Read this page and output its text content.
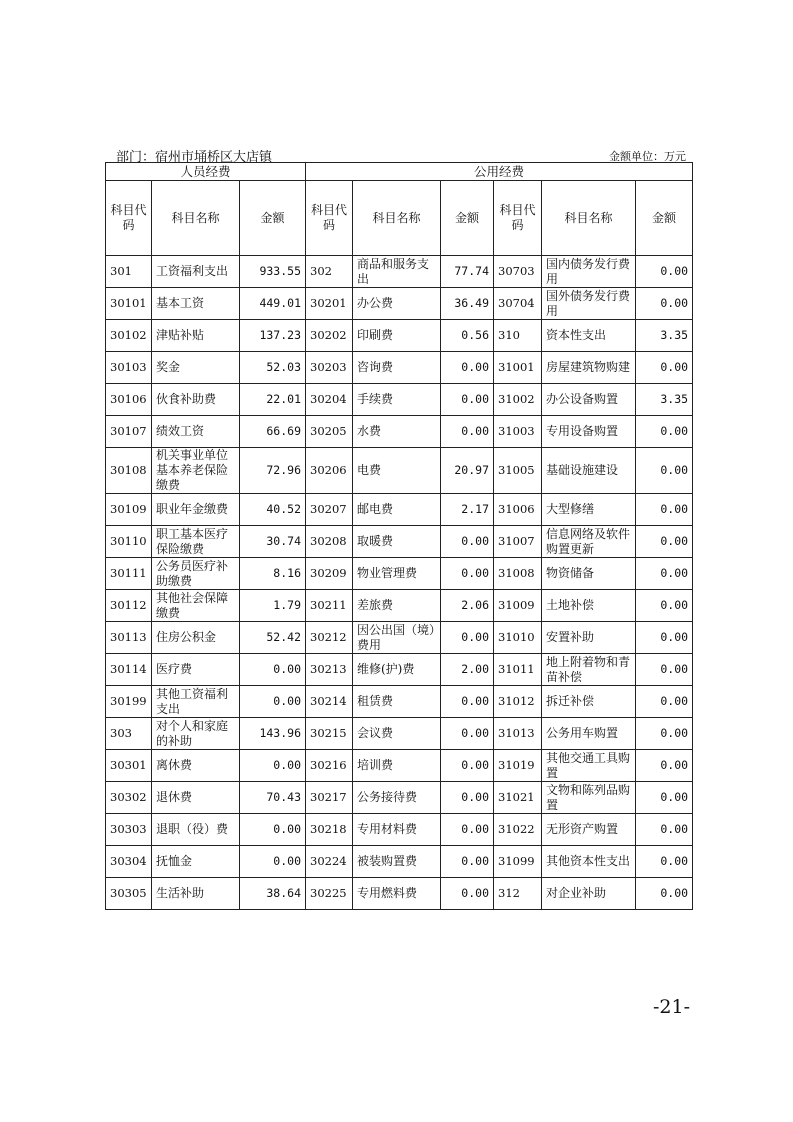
部门：宿州市埇桥区大店镇	金额单位：万元
人员经费			公用经费					
科目代码	科目名称	金额	科目代码	科目名称	金额	科目代码	科目名称	金额
301	工资福利支出	933.55	302	商品和服务支出	77.74	30703	国内债务发行费用	0.00
30101	基本工资	449.01	30201	办公费	36.49	30704	国外债务发行费用	0.00
30102	津贴补贴	137.23	30202	印刷费	0.56	310	资本性支出	3.35
30103	奖金	52.03	30203	咨询费	0.00	31001	房屋建筑物购建	0.00
30106	伙食补助费	22.01	30204	手续费	0.00	31002	办公设备购置	3.35
30107	绩效工资	66.69	30205	水费	0.00	31003	专用设备购置	0.00
30108	机关事业单位基本养老保险缴费	72.96	30206	电费	20.97	31005	基础设施建设	0.00
30109	职业年金缴费	40.52	30207	邮电费	2.17	31006	大型修缮	0.00
30110	职工基本医疗保险缴费	30.74	30208	取暖费	0.00	31007	信息网络及软件购置更新	0.00
30111	公务员医疗补助缴费	8.16	30209	物业管理费	0.00	31008	物资储备	0.00
30112	其他社会保障缴费	1.79	30211	差旅费	2.06	31009	土地补偿	0.00
30113	住房公积金	52.42	30212	因公出国（境）费用	0.00	31010	安置补助	0.00
30114	医疗费	0.00	30213	维修(护)费	2.00	31011	地上附着物和青苗补偿	0.00
30199	其他工资福利支出	0.00	30214	租赁费	0.00	31012	拆迁补偿	0.00
303	对个人和家庭的补助	143.96	30215	会议费	0.00	31013	公务用车购置	0.00
30301	离休费	0.00	30216	培训费	0.00	31019	其他交通工具购置	0.00
30302	退休费	70.43	30217	公务接待费	0.00	31021	文物和陈列品购置	0.00
30303	退职（役）费	0.00	30218	专用材料费	0.00	31022	无形资产购置	0.00
30304	抚恤金	0.00	30224	被装购置费	0.00	31099	其他资本性支出	0.00
30305	生活补助	38.64	30225	专用燃料费	0.00	312	对企业补助	0.00
-21-
